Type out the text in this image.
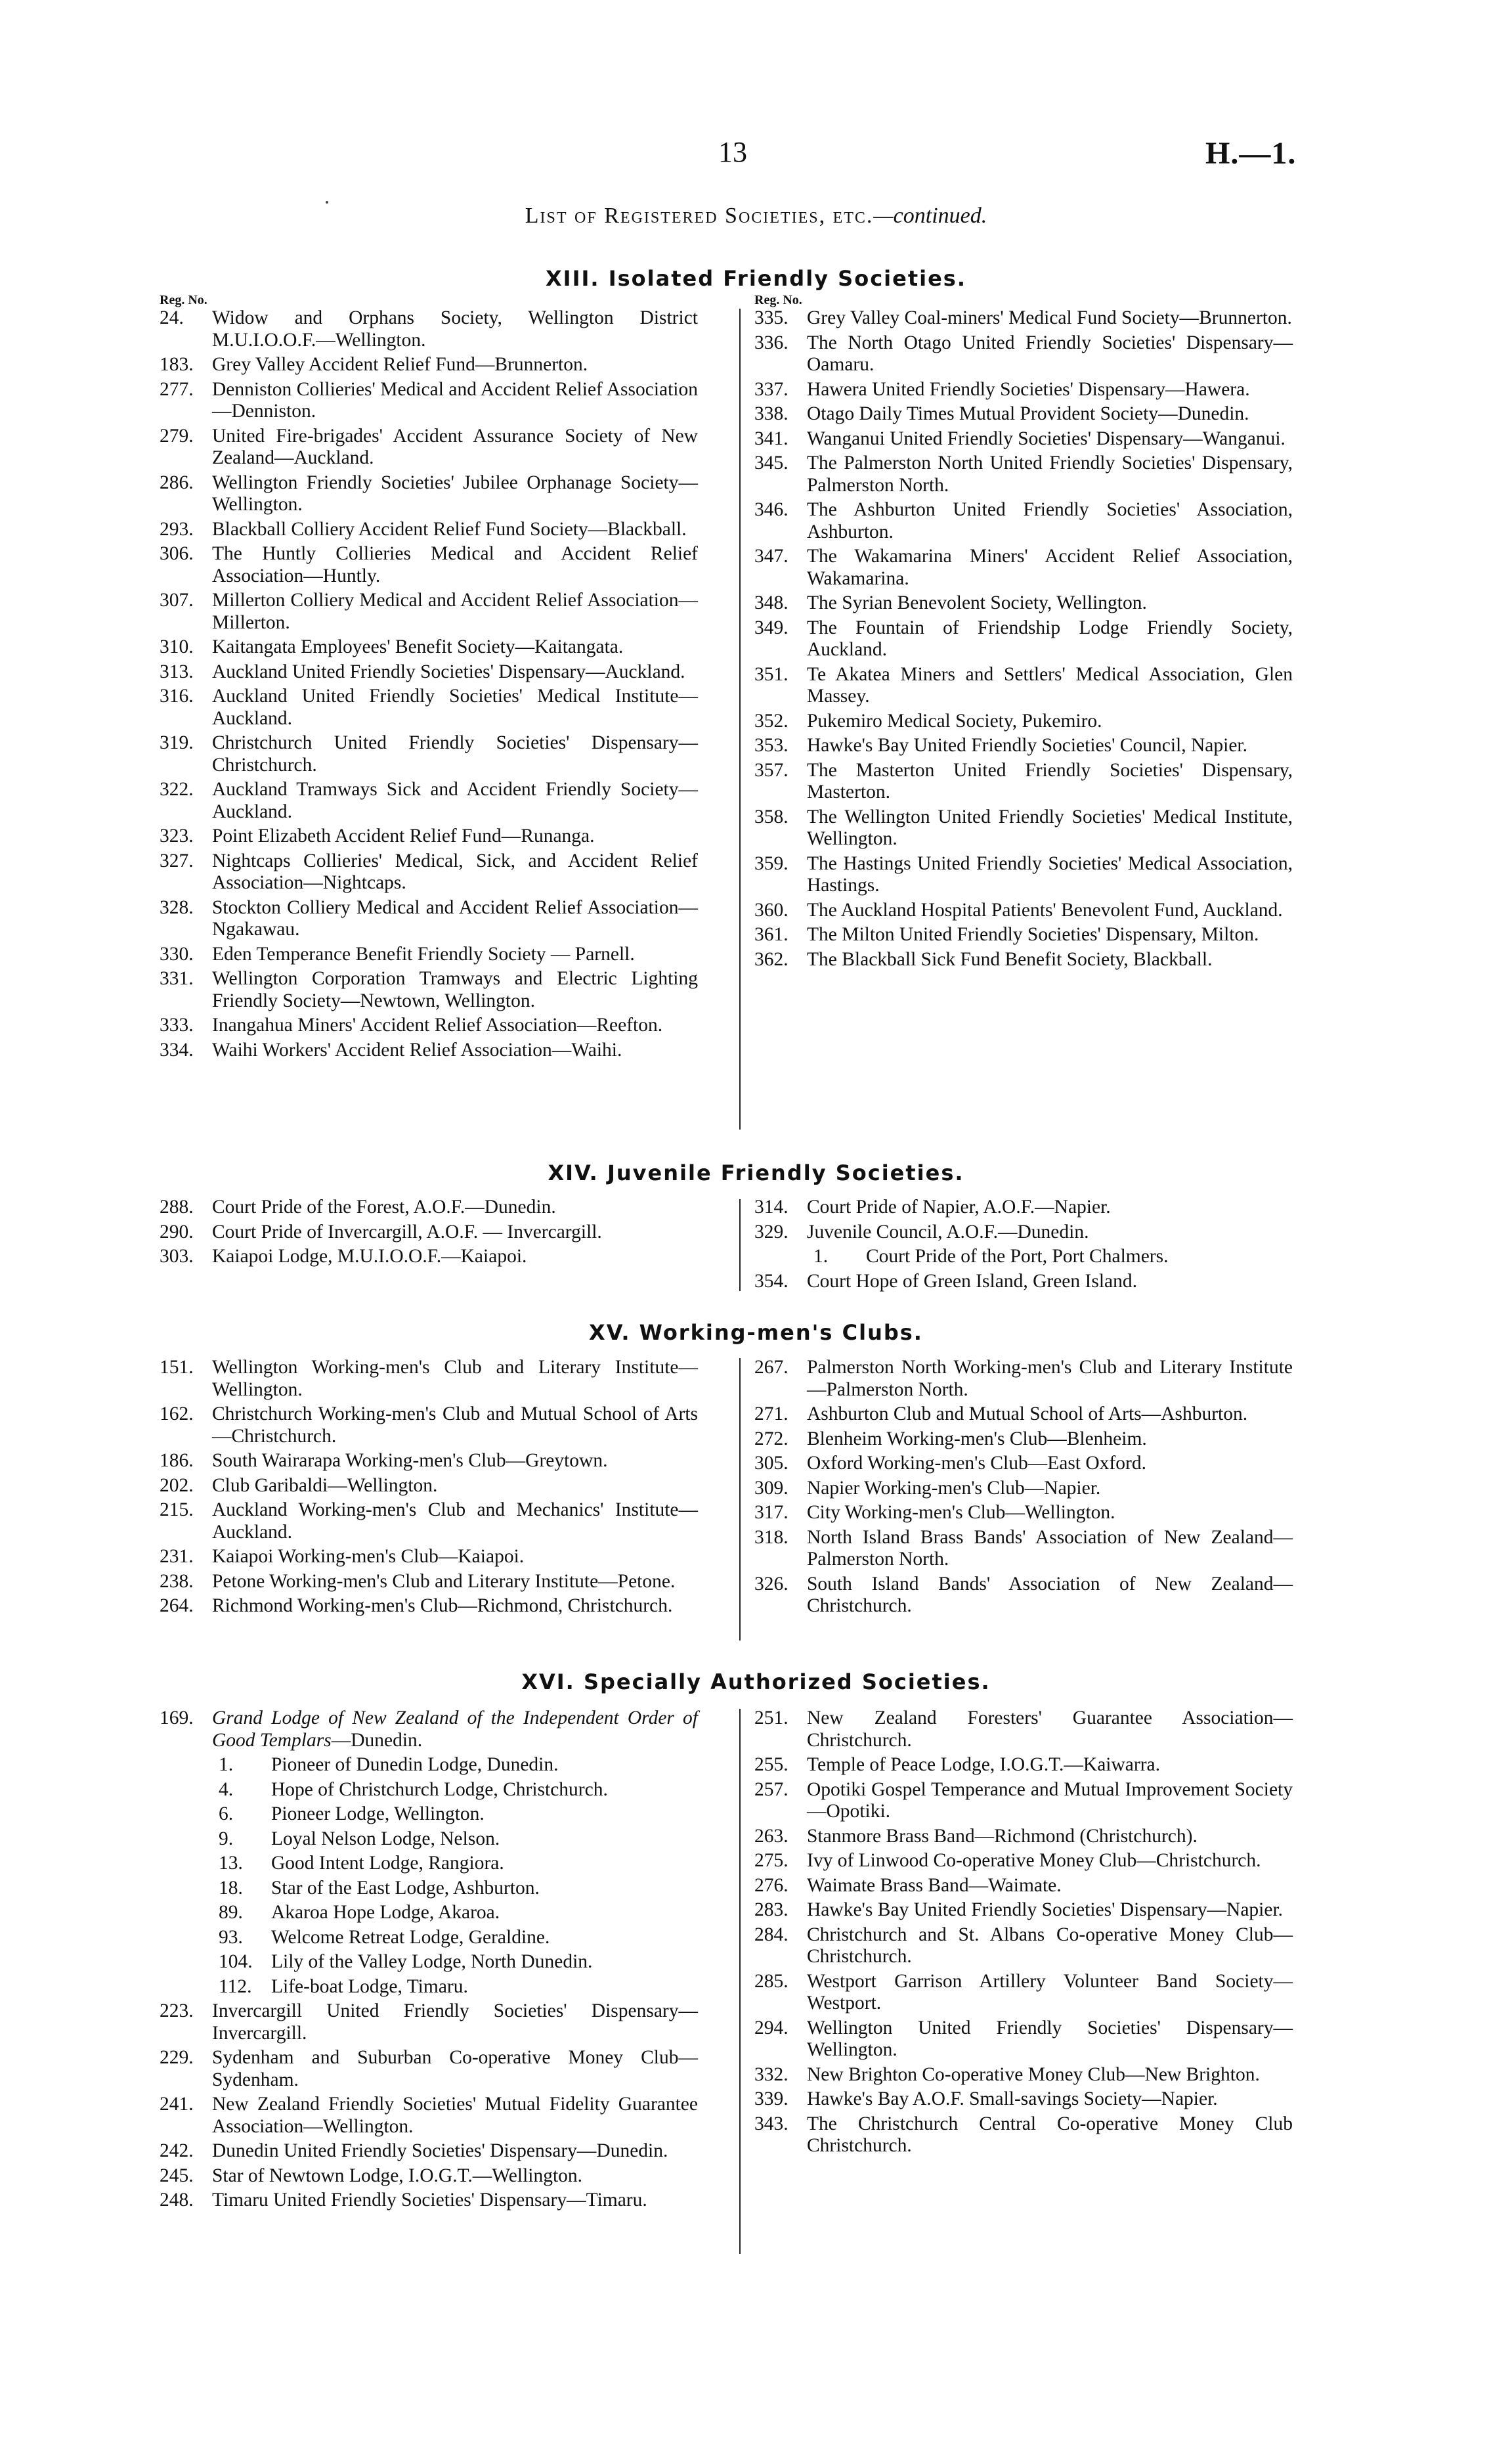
13	H.—1.
List of Registered Societies, etc.—continued.
XIII. Isolated Friendly Societies.
Reg. No.	Reg. No.

24. Widow and Orphans Society, Wellington District M.U.I.O.O.F.—Wellington.

183. Grey Valley Accident Relief Fund—Brunnerton.

277. Denniston Collieries' Medical and Accident Relief Association—Denniston.

279. United Fire-brigades' Accident Assurance Society of New Zealand—Auckland.

286. Wellington Friendly Societies' Jubilee Orphanage Society—Wellington.

293. Blackball Colliery Accident Relief Fund Society—Blackball.

306. The Huntly Collieries Medical and Accident Relief Association—Huntly.

307. Millerton Colliery Medical and Accident Relief Association—Millerton.

310. Kaitangata Employees' Benefit Society—Kaitangata.

313. Auckland United Friendly Societies' Dispensary—Auckland.

316. Auckland United Friendly Societies' Medical Institute—Auckland.

319. Christchurch United Friendly Societies' Dispensary—Christchurch.

322. Auckland Tramways Sick and Accident Friendly Society—Auckland.

323. Point Elizabeth Accident Relief Fund—Runanga.

327. Nightcaps Collieries' Medical, Sick, and Accident Relief Association—Nightcaps.

328. Stockton Colliery Medical and Accident Relief Association—Ngakawau.

330. Eden Temperance Benefit Friendly Society — Parnell.

331. Wellington Corporation Tramways and Electric Lighting Friendly Society—Newtown, Wellington.

333. Inangahua Miners' Accident Relief Association—Reefton.

334. Waihi Workers' Accident Relief Association—Waihi.

335. Grey Valley Coal-miners' Medical Fund Society—Brunnerton.

336. The North Otago United Friendly Societies' Dispensary—Oamaru.

337. Hawera United Friendly Societies' Dispensary—Hawera.

338. Otago Daily Times Mutual Provident Society—Dunedin.

341. Wanganui United Friendly Societies' Dispensary—Wanganui.

345. The Palmerston North United Friendly Societies' Dispensary, Palmerston North.

346. The Ashburton United Friendly Societies' Association, Ashburton.

347. The Wakamarina Miners' Accident Relief Association, Wakamarina.

348. The Syrian Benevolent Society, Wellington.

349. The Fountain of Friendship Lodge Friendly Society, Auckland.

351. Te Akatea Miners and Settlers' Medical Association, Glen Massey.

352. Pukemiro Medical Society, Pukemiro.

353. Hawke's Bay United Friendly Societies' Council, Napier.

357. The Masterton United Friendly Societies' Dispensary, Masterton.

358. The Wellington United Friendly Societies' Medical Institute, Wellington.

359. The Hastings United Friendly Societies' Medical Association, Hastings.

360. The Auckland Hospital Patients' Benevolent Fund, Auckland.

361. The Milton United Friendly Societies' Dispensary, Milton.

362. The Blackball Sick Fund Benefit Society, Blackball.

XIV. Juvenile Friendly Societies.

288. Court Pride of the Forest, A.O.F.—Dunedin.

290. Court Pride of Invercargill, A.O.F. — Invercargill.

303. Kaiapoi Lodge, M.U.I.O.O.F.—Kaiapoi.

314. Court Pride of Napier, A.O.F.—Napier.

329. Juvenile Council, A.O.F.—Dunedin.

1. Court Pride of the Port, Port Chalmers.

354. Court Hope of Green Island, Green Island.

XV. Working-men's Clubs.

151. Wellington Working-men's Club and Literary Institute—Wellington.

162. Christchurch Working-men's Club and Mutual School of Arts—Christchurch.

186. South Wairarapa Working-men's Club—Greytown.

202. Club Garibaldi—Wellington.

215. Auckland Working-men's Club and Mechanics' Institute—Auckland.

231. Kaiapoi Working-men's Club—Kaiapoi.

238. Petone Working-men's Club and Literary Institute—Petone.

264. Richmond Working-men's Club—Richmond, Christchurch.

267. Palmerston North Working-men's Club and Literary Institute—Palmerston North.

271. Ashburton Club and Mutual School of Arts—Ashburton.

272. Blenheim Working-men's Club—Blenheim.

305. Oxford Working-men's Club—East Oxford.

309. Napier Working-men's Club—Napier.

317. City Working-men's Club—Wellington.

318. North Island Brass Bands' Association of New Zealand—Palmerston North.

326. South Island Bands' Association of New Zealand—Christchurch.

XVI. Specially Authorized Societies.

169. Grand Lodge of New Zealand of the Independent Order of Good Templars—Dunedin.

1. Pioneer of Dunedin Lodge, Dunedin.

4. Hope of Christchurch Lodge, Christchurch.

6. Pioneer Lodge, Wellington.

9. Loyal Nelson Lodge, Nelson.

13. Good Intent Lodge, Rangiora.

18. Star of the East Lodge, Ashburton.

89. Akaroa Hope Lodge, Akaroa.

93. Welcome Retreat Lodge, Geraldine.

104. Lily of the Valley Lodge, North Dunedin.

112. Life-boat Lodge, Timaru.

223. Invercargill United Friendly Societies' Dispensary—Invercargill.

229. Sydenham and Suburban Co-operative Money Club—Sydenham.

241. New Zealand Friendly Societies' Mutual Fidelity Guarantee Association—Wellington.

242. Dunedin United Friendly Societies' Dispensary—Dunedin.

245. Star of Newtown Lodge, I.O.G.T.—Wellington.

248. Timaru United Friendly Societies' Dispensary—Timaru.

251. New Zealand Foresters' Guarantee Association—Christchurch.

255. Temple of Peace Lodge, I.O.G.T.—Kaiwarra.

257. Opotiki Gospel Temperance and Mutual Improvement Society—Opotiki.

263. Stanmore Brass Band—Richmond (Christchurch).

275. Ivy of Linwood Co-operative Money Club—Christchurch.

276. Waimate Brass Band—Waimate.

283. Hawke's Bay United Friendly Societies' Dispensary—Napier.

284. Christchurch and St. Albans Co-operative Money Club—Christchurch.

285. Westport Garrison Artillery Volunteer Band Society—Westport.

294. Wellington United Friendly Societies' Dispensary—Wellington.

332. New Brighton Co-operative Money Club—New Brighton.

339. Hawke's Bay A.O.F. Small-savings Society—Napier.

343. The Christchurch Central Co-operative Money Club Christchurch.
